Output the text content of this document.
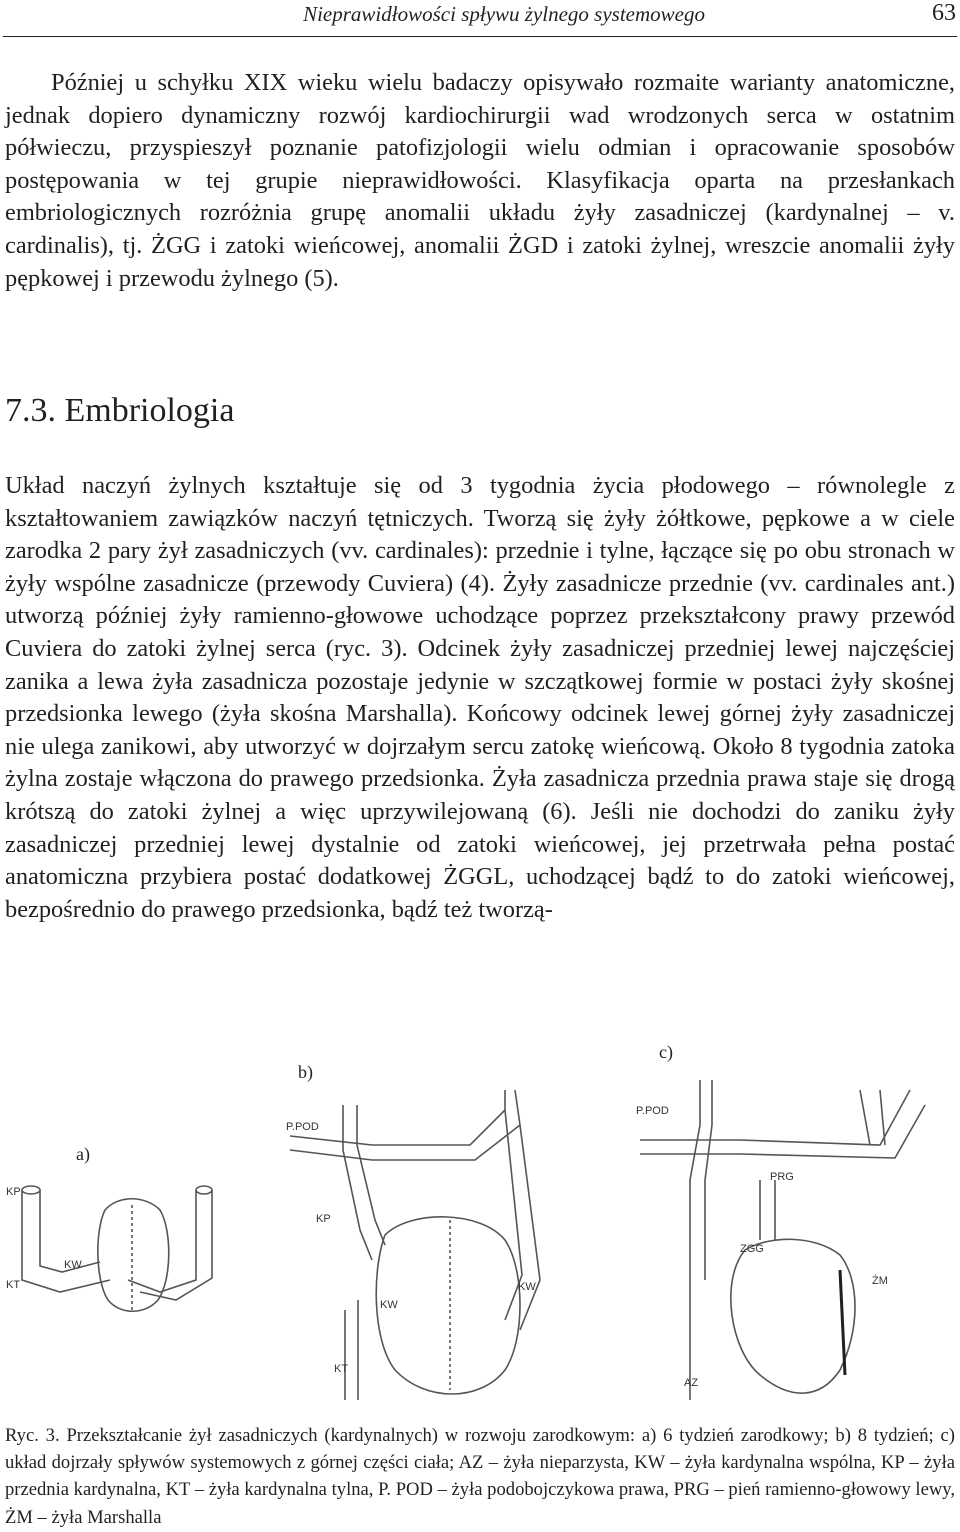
Nieprawidłowości spływu żylnego systemowego	63

Później u schyłku XIX wieku wielu badaczy opisywało rozmaite warianty anatomiczne, jednak dopiero dynamiczny rozwój kardiochirurgii wad wrodzonych serca w ostatnim półwieczu, przyspieszył poznanie patofizjologii wielu odmian i opracowanie sposobów postępowania w tej grupie nieprawidłowości. Klasyfikacja oparta na przesłankach embriologicznych rozróżnia grupę anomalii układu żyły zasadniczej (kardynalnej – v. cardinalis), tj. ŻGG i zatoki wieńcowej, anomalii ŻGD i zatoki żylnej, wreszcie anomalii żyły pępkowej i przewodu żylnego (5).

7.3. Embriologia

Układ naczyń żylnych kształtuje się od 3 tygodnia życia płodowego – równolegle z kształtowaniem zawiązków naczyń tętniczych. Tworzą się żyły żółtkowe, pępkowe a w ciele zarodka 2 pary żył zasadniczych (vv. cardinales): przednie i tylne, łączące się po obu stronach w żyły wspólne zasadnicze (przewody Cuviera) (4). Żyły zasadnicze przednie (vv. cardinales ant.) utworzą później żyły ramienno-głowowe uchodzące poprzez przekształcony prawy przewód Cuviera do zatoki żylnej serca (ryc. 3). Odcinek żyły zasadniczej przedniej lewej najczęściej zanika a lewa żyła zasadnicza pozostaje jedynie w szczątkowej formie w postaci żyły skośnej przedsionka lewego (żyła skośna Marshalla). Końcowy odcinek lewej górnej żyły zasadniczej nie ulega zanikowi, aby utworzyć w dojrzałym sercu zatokę wieńcową. Około 8 tygodnia zatoka żylna zostaje włączona do prawego przedsionka. Żyła zasadnicza przednia prawa staje się drogą krótszą do zatoki żylnej a więc uprzywilejowaną (6). Jeśli nie dochodzi do zaniku żyły zasadniczej przedniej lewej dystalnie od zatoki wieńcowej, jej przetrwała pełna postać anatomiczna przybiera postać dodatkowej ŻGGL, uchodzącej bądź to do zatoki wieńcowej, bezpośrednio do prawego przedsionka, bądź też tworzą-

a)
KP
KW
KT
b)
P.POD
KP
KW
KW
KT
c)
P.POD
PRG
ZGG
ŻM
AZ

Ryc. 3. Przekształcanie żył zasadniczych (kardynalnych) w rozwoju zarodkowym: a) 6 tydzień zarodkowy; b) 8 tydzień; c) układ dojrzały spływów systemowych z górnej części ciała; AZ – żyła nieparzysta, KW – żyła kardynalna wspólna, KP – żyła przednia kardynalna, KT – żyła kardynalna tylna, P. POD – żyła podobojczykowa prawa, PRG – pień ramienno-głowowy lewy, ŻM – żyła Marshalla
